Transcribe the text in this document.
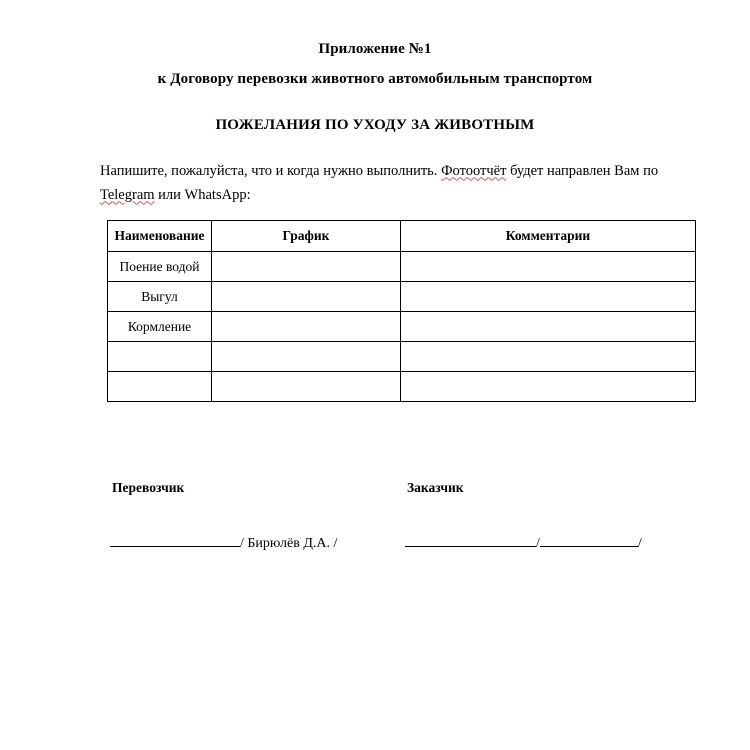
Приложение №1
к Договору перевозки животного автомобильным транспортом
ПОЖЕЛАНИЯ ПО УХОДУ ЗА ЖИВОТНЫМ

Напишите, пожалуйста, что и когда нужно выполнить. Фотоотчёт будет направлен Вам по Telegram или WhatsApp:

Наименование	График	Комментарии
Поение водой		
Выгул		
Кормление		

Перевозчик	Заказчик
/ Бирюлёв Д.А. /	/	/
